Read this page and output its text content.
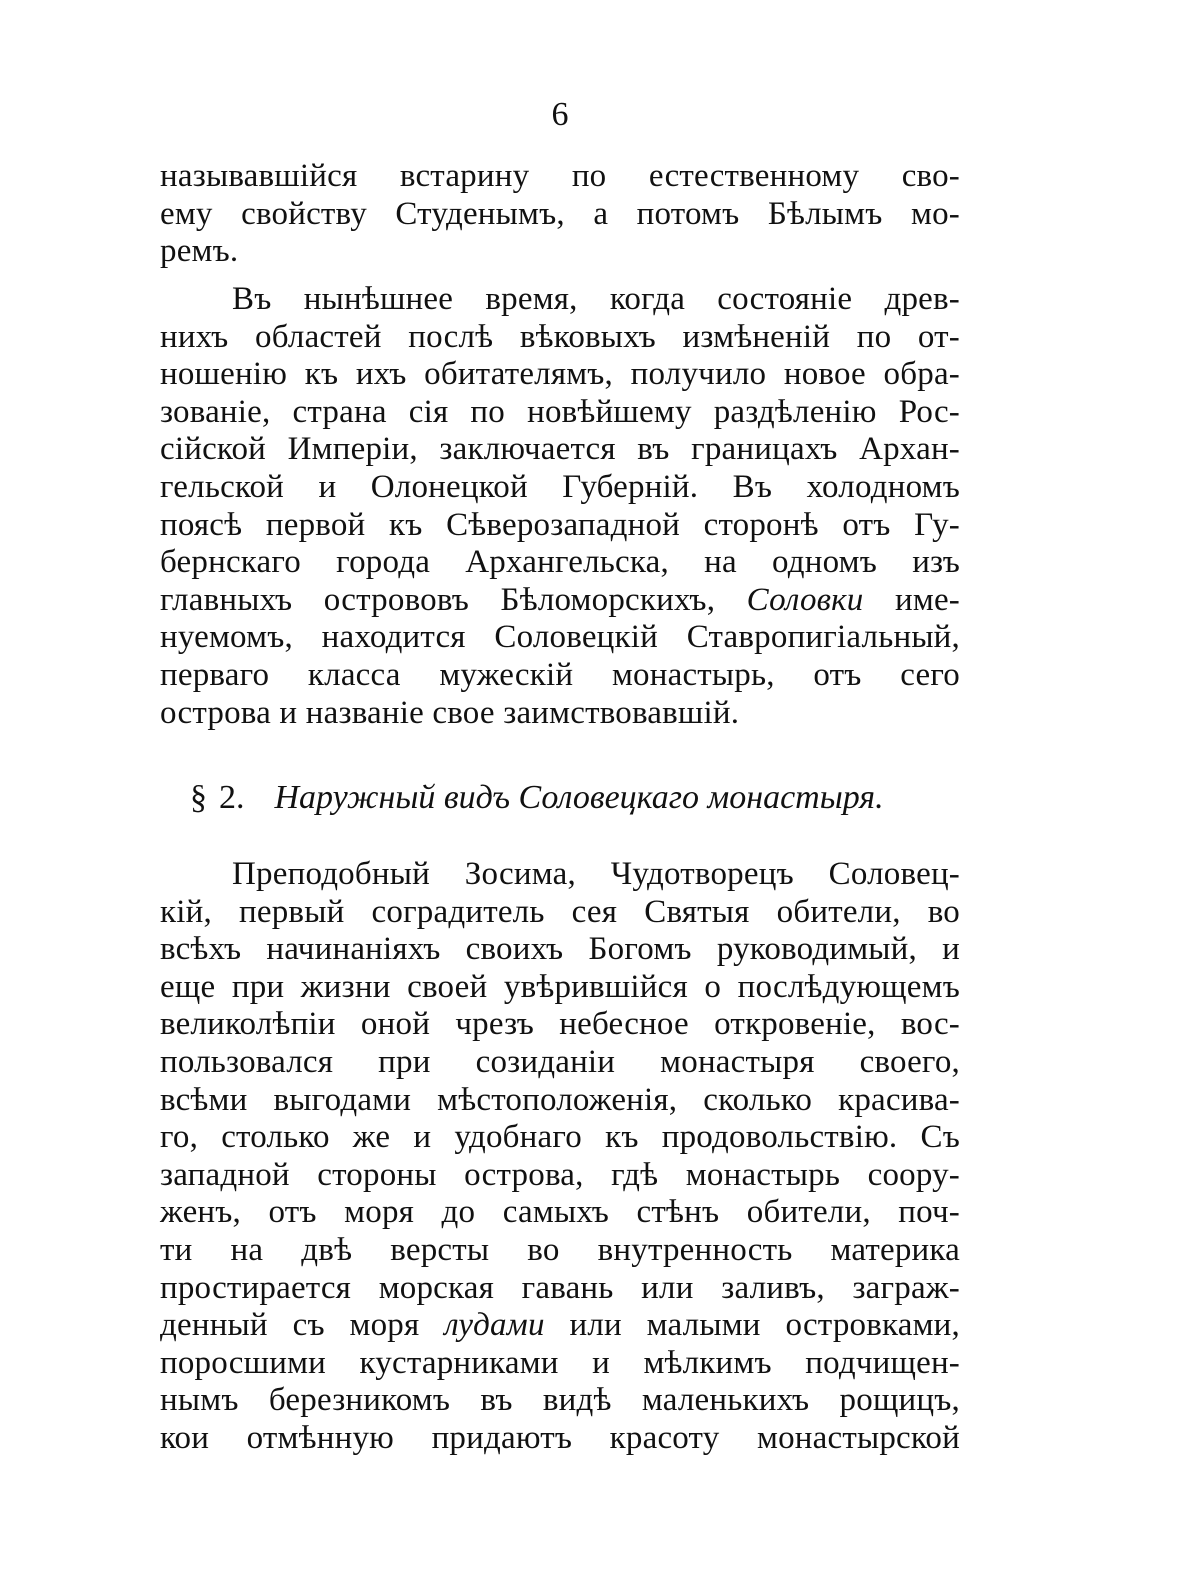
6
называвшійся встарину по естественному сво-
ему свойству Студенымъ, а потомъ Бѣлымъ мо-
ремъ.
Въ нынѣшнее время, когда состояніе древ-
нихъ областей послѣ вѣковыхъ измѣненій по от-
ношенію къ ихъ обитателямъ, получило новое обра-
зованіе, страна сія по новѣйшему раздѣленію Рос-
сійской Имперіи, заключается въ границахъ Архан-
гельской и Олонецкой Губерній. Въ холодномъ
поясѣ первой къ Сѣверозападной сторонѣ отъ Гу-
бернскаго города Архангельска, на одномъ изъ
главныхъ острововъ Бѣломорскихъ, Соловки име-
нуемомъ, находится Соловецкій Ставропигіальный,
перваго класса мужескій монастырь, отъ сего
острова и названіе свое заимствовавшій.
§ 2. Наружный видъ Соловецкаго монастыря.
Преподобный Зосима, Чудотворецъ Соловец-
кій, первый соградитель сея Святыя обители, во
всѣхъ начинаніяхъ своихъ Богомъ руководимый, и
еще при жизни своей увѣрившійся о послѣдующемъ
великолѣпіи оной чрезъ небесное откровеніе, вос-
пользовался при созиданіи монастыря своего,
всѣми выгодами мѣстоположенія, сколько красива-
го, столько же и удобнаго къ продовольствію. Съ
западной стороны острова, гдѣ монастырь соору-
женъ, отъ моря до самыхъ стѣнъ обители, поч-
ти на двѣ версты во внутренность материка
простирается морская гавань или заливъ, заграж-
денный съ моря лудами или малыми островками,
поросшими кустарниками и мѣлкимъ подчищен-
нымъ березникомъ въ видѣ маленькихъ рощицъ,
кои отмѣнную придаютъ красоту монастырской
